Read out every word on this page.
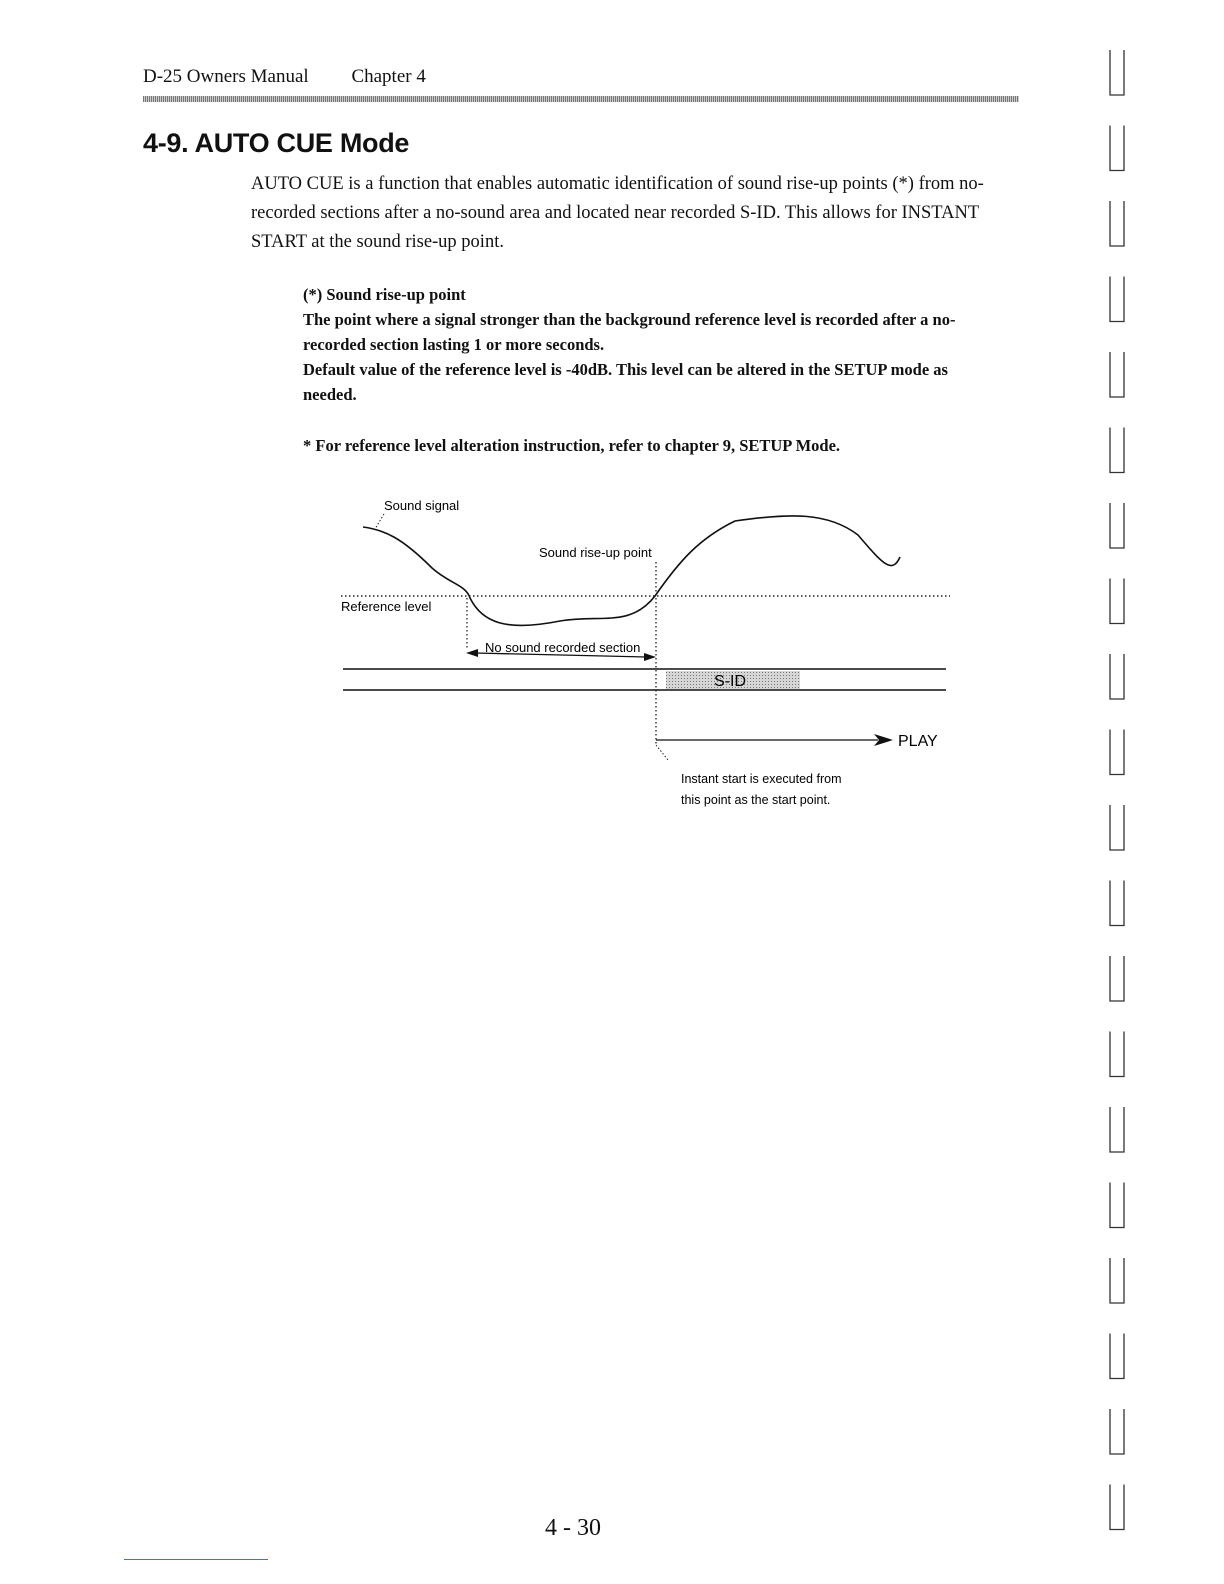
D-25 Owners Manual Chapter 4
4-9. AUTO CUE Mode
AUTO CUE is a function that enables automatic identification of sound rise-up points (*) from no-recorded sections after a no-sound area and located near recorded S-ID. This allows for INSTANT START at the sound rise-up point.

(*) Sound rise-up point

The point where a signal stronger than the background reference level is recorded after a no-recorded section lasting 1 or more seconds.

Default value of the reference level is -40dB. This level can be altered in the SETUP mode as needed.

* For reference level alteration instruction, refer to chapter 9, SETUP Mode.
Sound signal
Sound rise-up point
Reference level
No sound recorded section
S-ID
PLAY
Instant start is executed from
this point as the start point.
4 - 30
